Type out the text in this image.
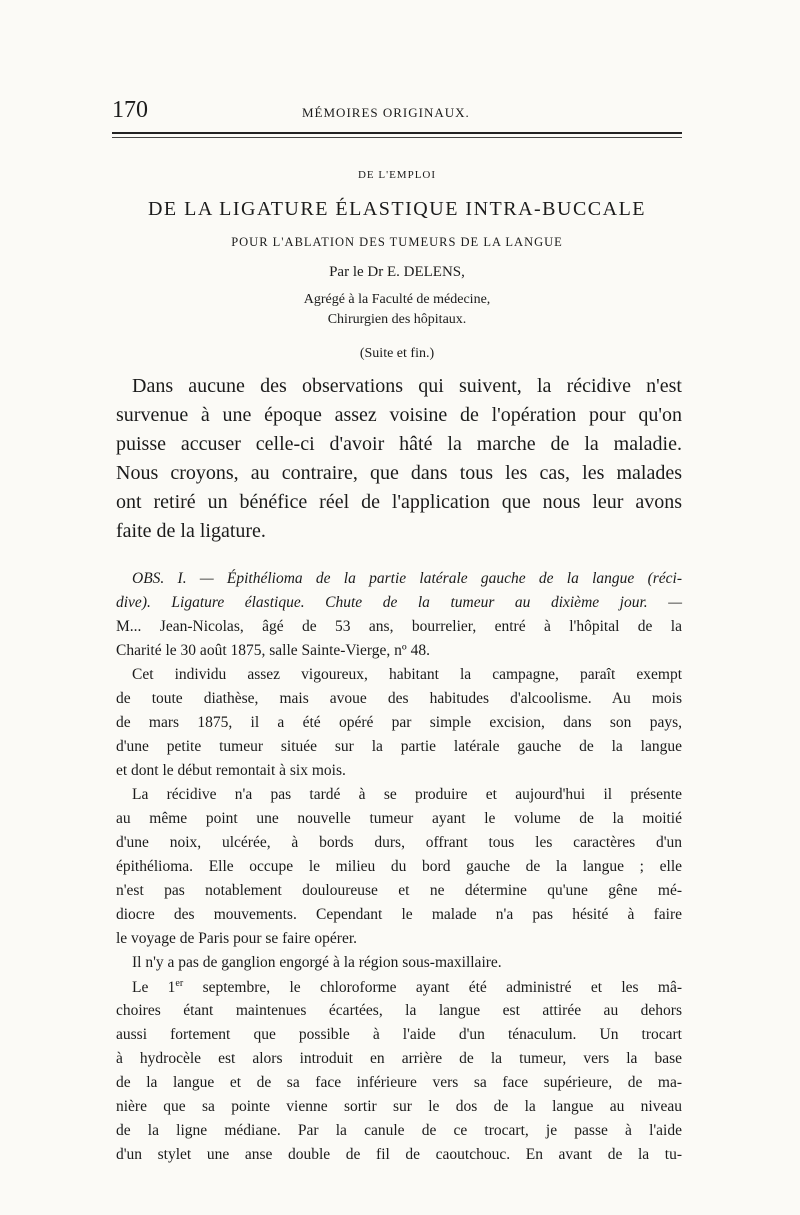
170	MÉMOIRES ORIGINAUX.
DE L'EMPLOI
DE LA LIGATURE ÉLASTIQUE INTRA-BUCCALE
POUR L'ABLATION DES TUMEURS DE LA LANGUE
Par le Dr E. DELENS,
Agrégé à la Faculté de médecine,
Chirurgien des hôpitaux.
(Suite et fin.)
Dans aucune des observations qui suivent, la récidive n'est
survenue à une époque assez voisine de l'opération pour qu'on
puisse accuser celle-ci d'avoir hâté la marche de la maladie.
Nous croyons, au contraire, que dans tous les cas, les malades
ont retiré un bénéfice réel de l'application que nous leur avons
faite de la ligature.
OBS. I. — Épithélioma de la partie latérale gauche de la langue (réci-
dive). Ligature élastique. Chute de la tumeur au dixième jour. —
M... Jean-Nicolas, âgé de 53 ans, bourrelier, entré à l'hôpital de la
Charité le 30 août 1875, salle Sainte-Vierge, nº 48.
Cet individu assez vigoureux, habitant la campagne, paraît exempt
de toute diathèse, mais avoue des habitudes d'alcoolisme. Au mois
de mars 1875, il a été opéré par simple excision, dans son pays,
d'une petite tumeur située sur la partie latérale gauche de la langue
et dont le début remontait à six mois.
La récidive n'a pas tardé à se produire et aujourd'hui il présente
au même point une nouvelle tumeur ayant le volume de la moitié
d'une noix, ulcérée, à bords durs, offrant tous les caractères d'un
épithélioma. Elle occupe le milieu du bord gauche de la langue ; elle
n'est pas notablement douloureuse et ne détermine qu'une gêne mé-
diocre des mouvements. Cependant le malade n'a pas hésité à faire
le voyage de Paris pour se faire opérer.
Il n'y a pas de ganglion engorgé à la région sous-maxillaire.
Le 1er septembre, le chloroforme ayant été administré et les mâ-
choires étant maintenues écartées, la langue est attirée au dehors
aussi fortement que possible à l'aide d'un ténaculum. Un trocart
à hydrocèle est alors introduit en arrière de la tumeur, vers la base
de la langue et de sa face inférieure vers sa face supérieure, de ma-
nière que sa pointe vienne sortir sur le dos de la langue au niveau
de la ligne médiane. Par la canule de ce trocart, je passe à l'aide
d'un stylet une anse double de fil de caoutchouc. En avant de la tu-
